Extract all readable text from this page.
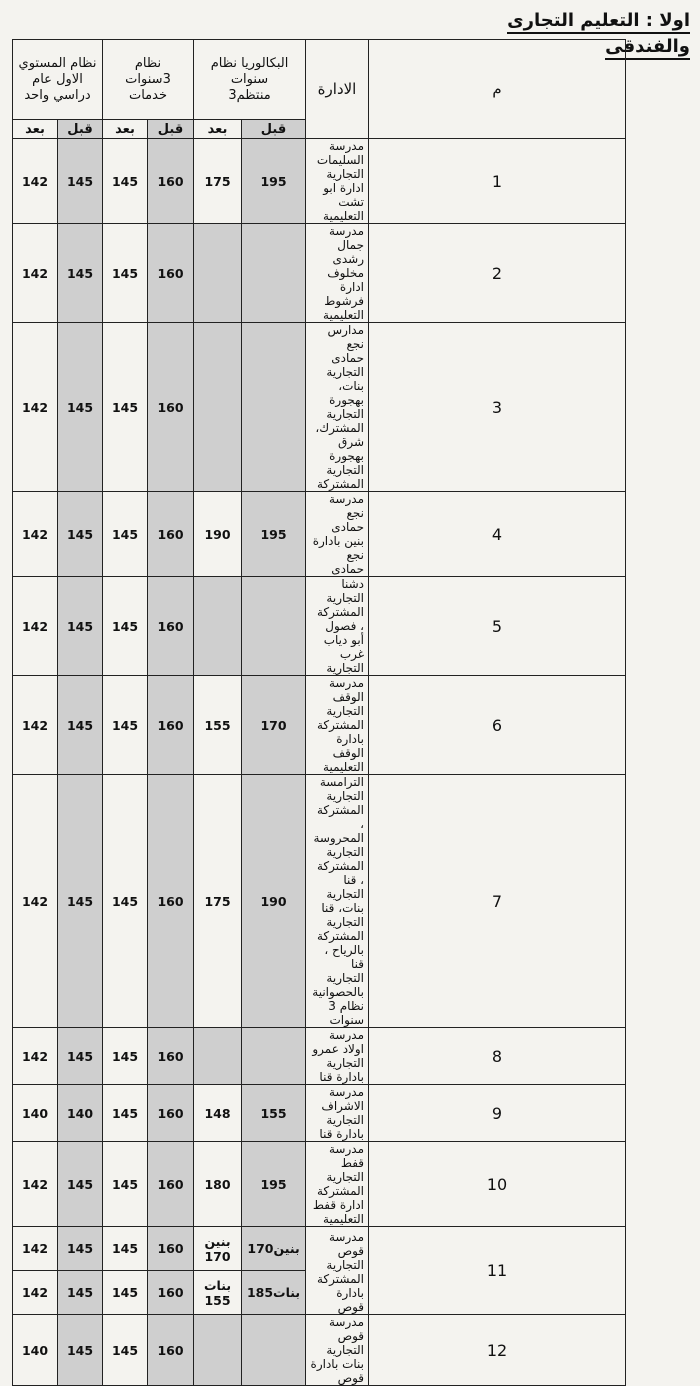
اولا : التعليم التجارى والفندقى
نظام المستوي الاول عام دراسي واحد		نظام 3سنوات خدمات		البكالوريا نظام سنوات منتظم3		الادارة	م
بعد	قبل	بعد	قبل	بعد	قبل		
142	145	145	160	175	195	مدرسة السليمات التجارية ادارة ابو تشت التعليمية	1
142	145	145	160			مدرسة جمال رشدى مخلوف ادارة فرشوط التعليمية	2
142	145	145	160			مدارس نجع حمادى التجارية بنات، بهجورة التجارية المشترك، شرق بهجورة التجارية المشتركة	3
142	145	145	160	190	195	مدرسة نجع حمادى بنين بادارة نجع حمادى	4
142	145	145	160			دشنا التجارية المشتركة ، فصول أبو دياب غرب التجارية	5
142	145	145	160	155	170	مدرسة الوقف التجارية المشتركة بادارة الوقف التعليمية	6
142	145	145	160	175	190	الترامسة التجارية المشتركة ، المحروسة التجارية المشتركة ، قنا التجارية بنات، قنا التجارية المشتركة بالرياح ، قنا التجارية بالحصوانية نظام 3 سنوات	7
142	145	145	160			مدرسة اولاد عمرو التجارية بادارة قنا	8
140	140	145	160	148	155	مدرسة الاشراف التجارية بادارة قنا	9
142	145	145	160	180	195	مدرسة قفط التجارية المشتركة ادارة قفط التعليمية	10
142	145	145	160	بنين 170	170بنين	مدرسة قوص التجارية المشتركة بادارة قوص	11
142	145	145	160	بنات 155	185بنات		
140	145	145	160			مدرسة قوص التجارية بنات بادارة قوص	12
